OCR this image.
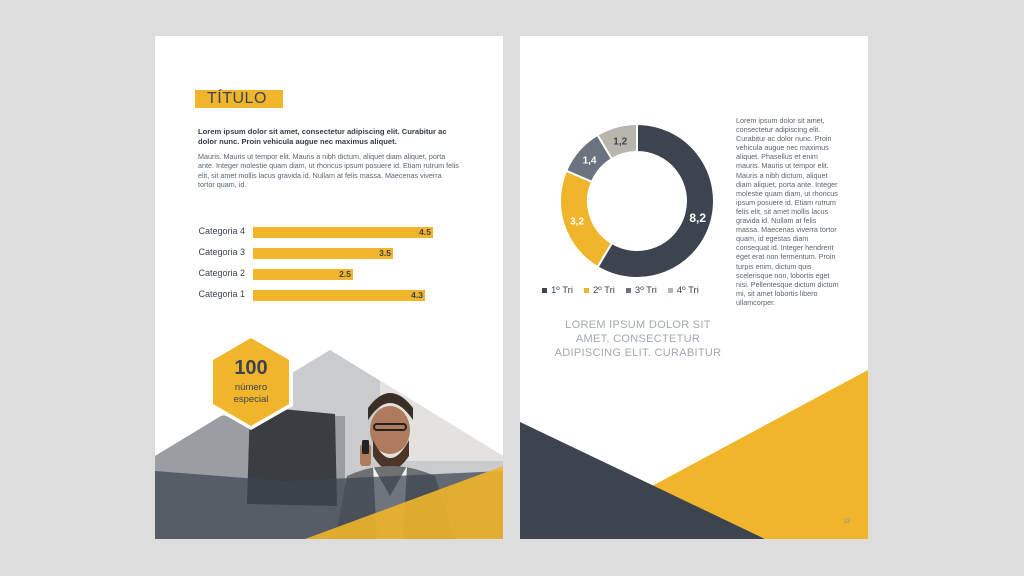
TÍTULO
Lorem ipsum dolor sit amet, consectetur adipiscing elit. Curabitur ac dolor nunc. Proin vehicula augue nec maximus aliquet.
Mauris. Mauris ut tempor elit. Mauris a nibh dictum, aliquet diam aliquet, porta ante. Integer molestie quam diam, ut rhoncus ipsum posuere id. Etiam rutrum felis elit, sit amet mollis lacus gravida id. Nullam at felis massa. Maecenas viverra tortor quam, id.
100
número
especial
Categoria 4	4.5
Categoria 3	3.5
Categoria 2	2.5
Categoria 1	4.3
8,2
3,2
1,4
1,2
1º Tri 2º Tri 3º Tri 4º Tri
LOREM IPSUM DOLOR SIT AMET, CONSECTETUR ADIPISCING ELIT. CURABITUR
Lorem ipsum dolor sit amet, consectetur adipiscing elit. Curabitur ac dolor nunc. Proin vehicula augue nec maximus aliquet. Phasellus et enim mauris. Mauris ut tempor elit. Mauris a nibh dictum, aliquet diam aliquet, porta ante. Integer molestie quam diam, ut rhoncus ipsum posuere id. Etiam rutrum felis elit, sit amet mollis lacus gravida id. Nullam at felis massa. Maecenas viverra tortor quam, id egestas diam consequat id. Integer hendrerit eget erat non fermentum. Proin turpis enim, dictum quis scelerisque non, lobortis eget nisi. Pellentesque dictum dictum mi, sit amet lobortis libero ullamcorper.
13
